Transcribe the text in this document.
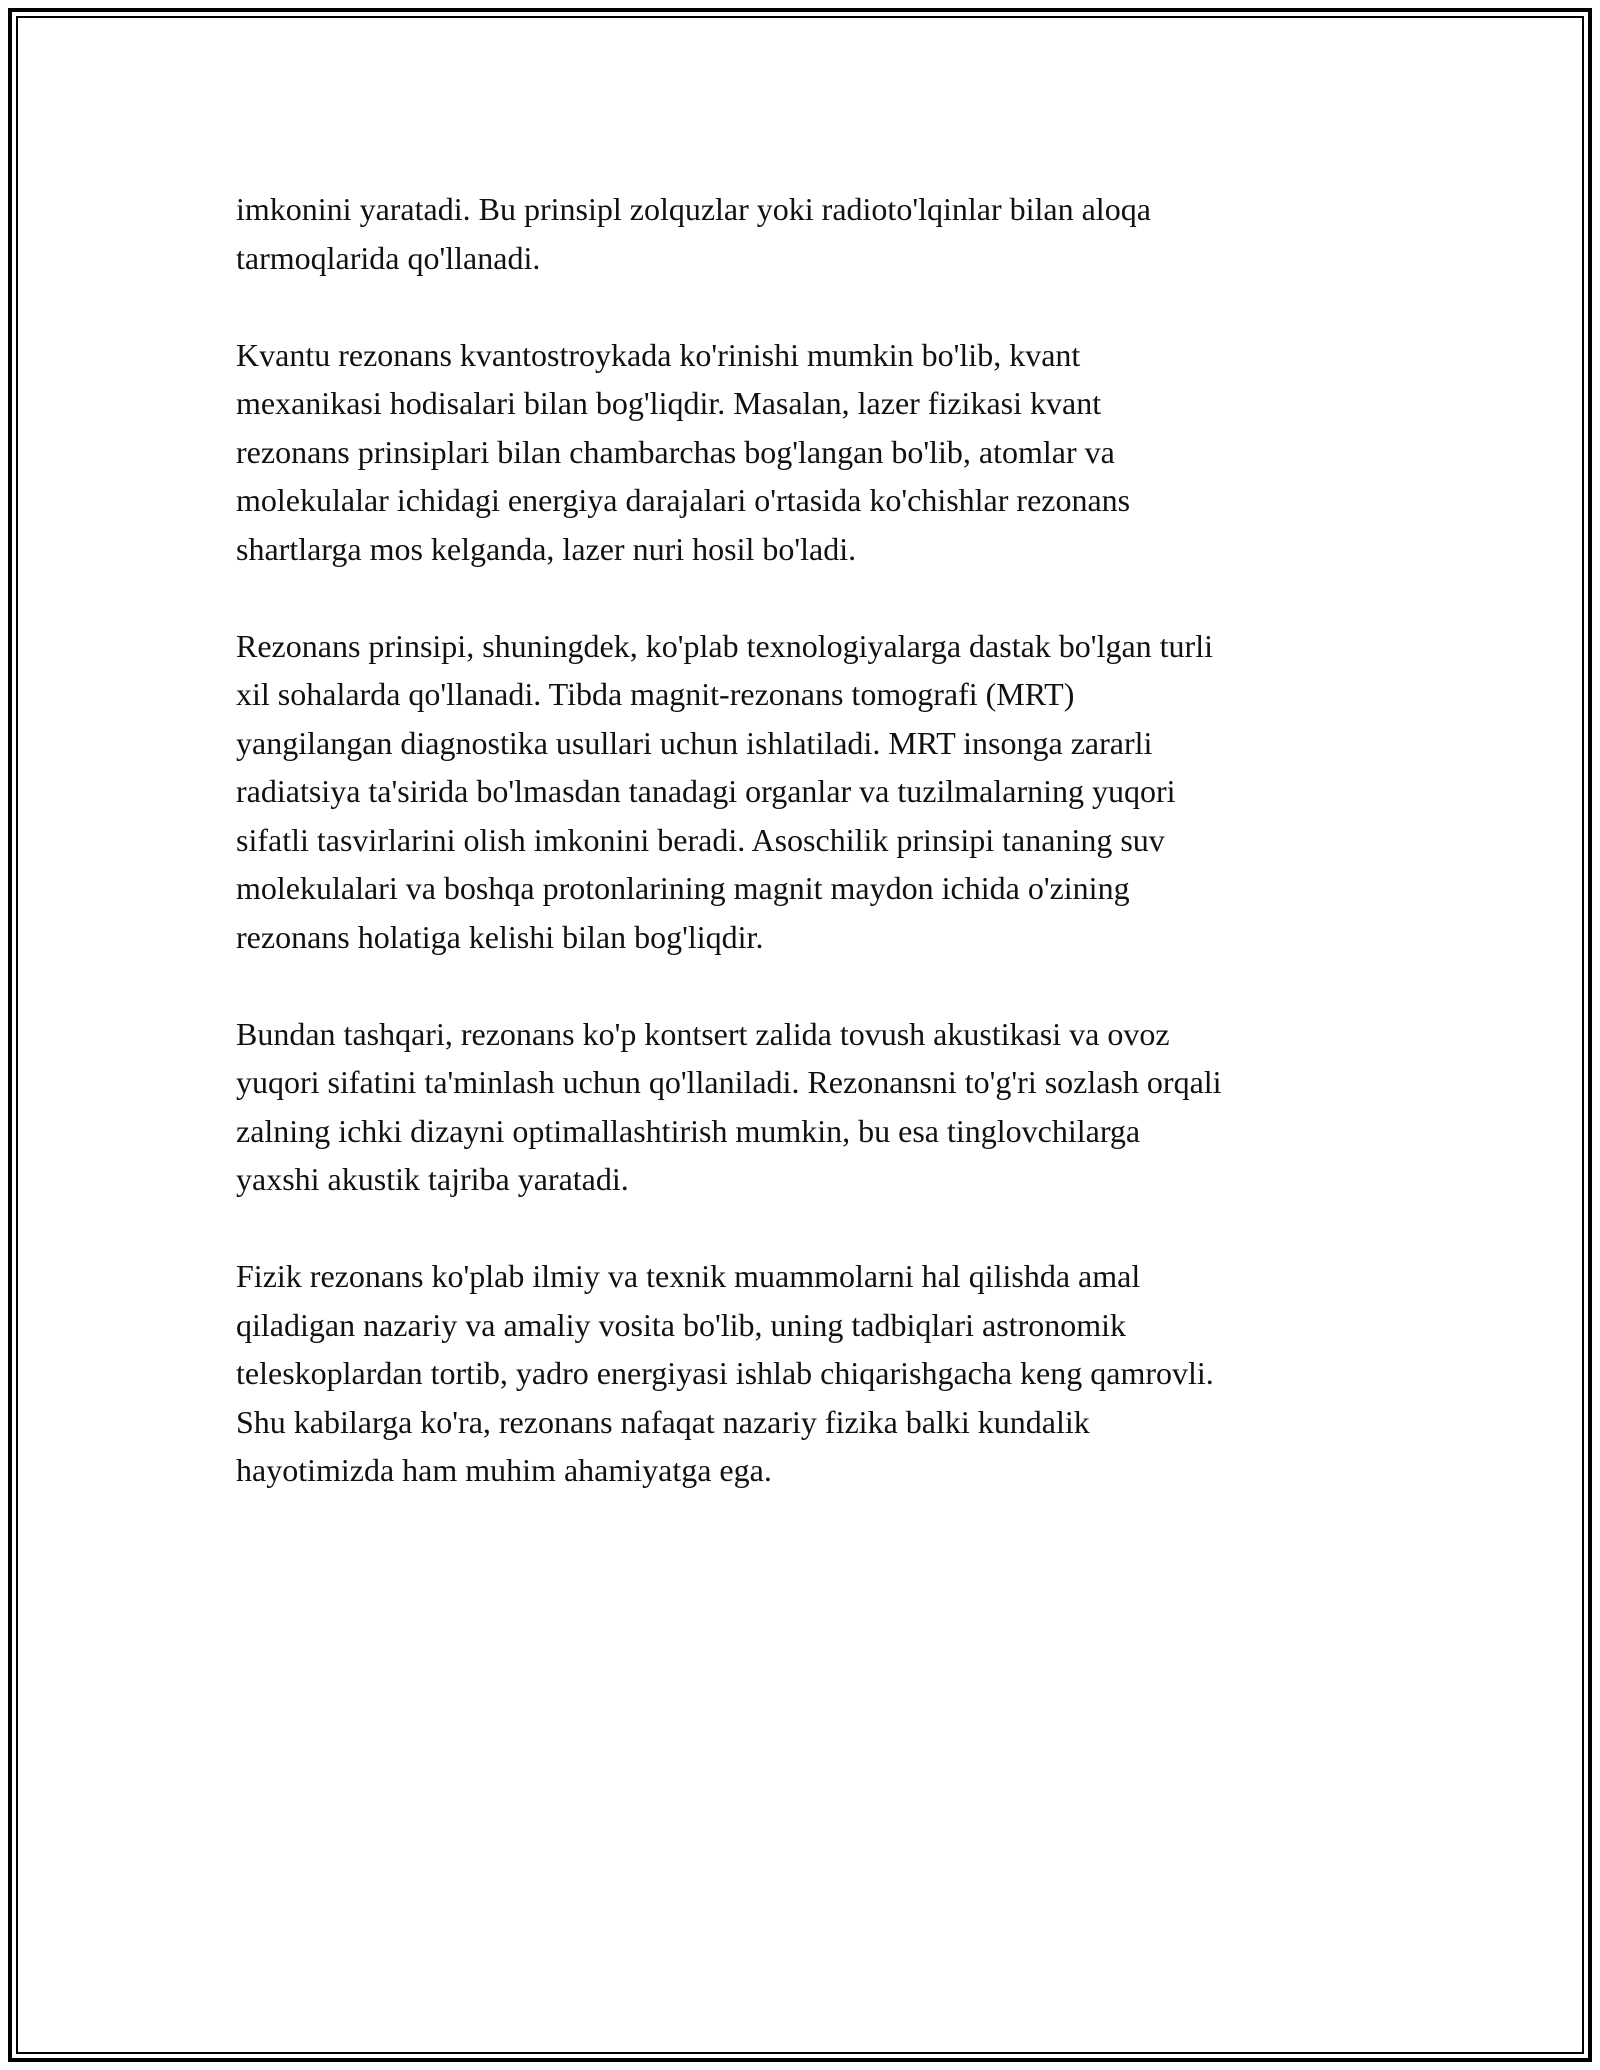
imkonini yaratadi. Bu prinsipl zolquzlar yoki radioto'lqinlar bilan aloqa
tarmoqlarida qo'llanadi.

Kvantu rezonans kvantostroykada ko'rinishi mumkin bo'lib, kvant
mexanikasi hodisalari bilan bog'liqdir. Masalan, lazer fizikasi kvant
rezonans prinsiplari bilan chambarchas bog'langan bo'lib, atomlar va
molekulalar ichidagi energiya darajalari o'rtasida ko'chishlar rezonans
shartlarga mos kelganda, lazer nuri hosil bo'ladi.

Rezonans prinsipi, shuningdek, ko'plab texnologiyalarga dastak bo'lgan turli
xil sohalarda qo'llanadi. Tibda magnit-rezonans tomografi (MRT)
yangilangan diagnostika usullari uchun ishlatiladi. MRT insonga zararli
radiatsiya ta'sirida bo'lmasdan tanadagi organlar va tuzilmalarning yuqori
sifatli tasvirlarini olish imkonini beradi. Asoschilik prinsipi tananing suv
molekulalari va boshqa protonlarining magnit maydon ichida o'zining
rezonans holatiga kelishi bilan bog'liqdir.

Bundan tashqari, rezonans ko'p kontsert zalida tovush akustikasi va ovoz
yuqori sifatini ta'minlash uchun qo'llaniladi. Rezonansni to'g'ri sozlash orqali
zalning ichki dizayni optimallashtirish mumkin, bu esa tinglovchilarga
yaxshi akustik tajriba yaratadi.

Fizik rezonans ko'plab ilmiy va texnik muammolarni hal qilishda amal
qiladigan nazariy va amaliy vosita bo'lib, uning tadbiqlari astronomik
teleskoplardan tortib, yadro energiyasi ishlab chiqarishgacha keng qamrovli.
Shu kabilarga ko'ra, rezonans nafaqat nazariy fizika balki kundalik
hayotimizda ham muhim ahamiyatga ega.
